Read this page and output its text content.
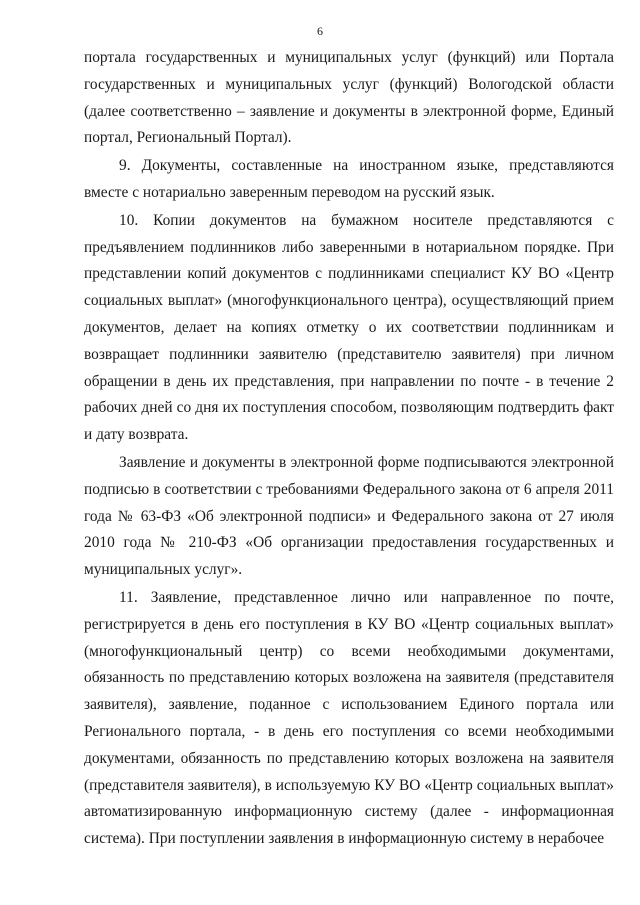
6

портала государственных и муниципальных услуг (функций) или Портала государственных и муниципальных услуг (функций) Вологодской области (далее соответственно – заявление и документы в электронной форме, Единый портал, Региональный Портал).

9. Документы, составленные на иностранном языке, представляются вместе с нотариально заверенным переводом на русский язык.

10. Копии документов на бумажном носителе представляются с предъявлением подлинников либо заверенными в нотариальном порядке. При представлении копий документов с подлинниками специалист КУ ВО «Центр социальных выплат» (многофункционального центра), осуществляющий прием документов, делает на копиях отметку о их соответствии подлинникам и возвращает подлинники заявителю (представителю заявителя) при личном обращении в день их представления, при направлении по почте - в течение 2 рабочих дней со дня их поступления способом, позволяющим подтвердить факт и дату возврата.

Заявление и документы в электронной форме подписываются электронной подписью в соответствии с требованиями Федерального закона от 6 апреля 2011 года № 63-ФЗ «Об электронной подписи» и Федерального закона от 27 июля 2010 года № 210-ФЗ «Об организации предоставления государственных и муниципальных услуг».

11. Заявление, представленное лично или направленное по почте, регистрируется в день его поступления в КУ ВО «Центр социальных выплат» (многофункциональный центр) со всеми необходимыми документами, обязанность по представлению которых возложена на заявителя (представителя заявителя), заявление, поданное с использованием Единого портала или Регионального портала, - в день его поступления со всеми необходимыми документами, обязанность по представлению которых возложена на заявителя (представителя заявителя), в используемую КУ ВО «Центр социальных выплат» автоматизированную информационную систему (далее - информационная система). При поступлении заявления в информационную систему в нерабочее
